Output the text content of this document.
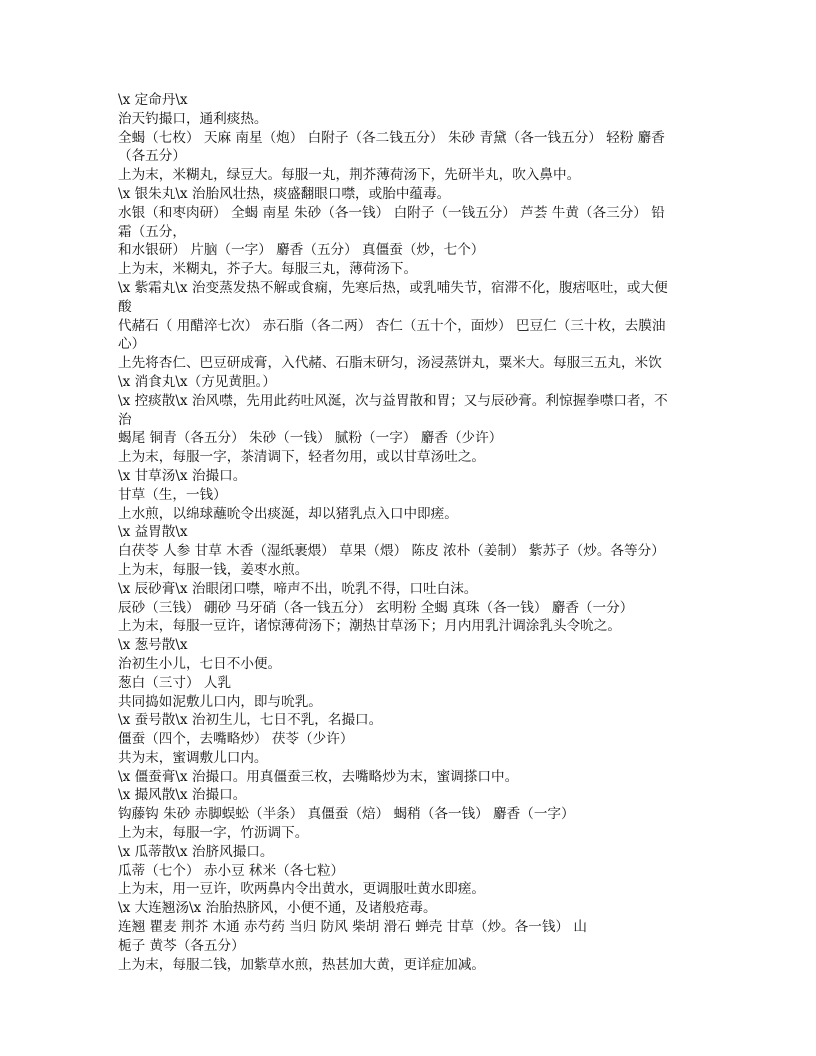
\x 定命丹\x
治天钓撮口，通利痰热。
全蝎（七枚） 天麻 南星（炮） 白附子（各二钱五分） 朱砂 青黛（各一钱五分） 轻粉 麝香
（各五分）
上为末，米糊丸，绿豆大。每服一丸，荆芥薄荷汤下，先研半丸，吹入鼻中。
\x 银朱丸\x 治胎风壮热，痰盛翻眼口噤，或胎中蕴毒。
水银（和枣肉研） 全蝎 南星 朱砂（各一钱） 白附子（一钱五分） 芦荟 牛黄（各三分） 铅
霜（五分，
和水银研） 片脑（一字） 麝香（五分） 真僵蚕（炒，七个）
上为末，米糊丸，芥子大。每服三丸，薄荷汤下。
\x 紫霜丸\x 治变蒸发热不解或食痫，先寒后热，或乳哺失节，宿滞不化，腹痞呕吐，或大便
酸
代赭石（ 用醋淬七次） 赤石脂（各二两） 杏仁（五十个，面炒） 巴豆仁（三十枚，去膜油
心）
上先将杏仁、巴豆研成膏，入代赭、石脂末研匀，汤浸蒸饼丸，粟米大。每服三五丸，米饮
\x 消食丸\x（方见黄胆。）
\x 控痰散\x 治风噤，先用此药吐风涎，次与益胃散和胃；又与辰砂膏。利惊握拳噤口者，不
治
蝎尾 铜青（各五分） 朱砂（一钱） 腻粉（一字） 麝香（少许）
上为末，每服一字，茶清调下，轻者勿用，或以甘草汤吐之。
\x 甘草汤\x 治撮口。
甘草（生，一钱）
上水煎，以绵球蘸吮令出痰涎，却以猪乳点入口中即瘥。
\x 益胃散\x
白茯苓 人参 甘草 木香（湿纸裹煨） 草果（煨） 陈皮 浓朴（姜制） 紫苏子（炒。各等分）
上为末，每服一钱，姜枣水煎。
\x 辰砂膏\x 治眼闭口噤，啼声不出，吮乳不得，口吐白沫。
辰砂（三钱） 硼砂 马牙硝（各一钱五分） 玄明粉 全蝎 真珠（各一钱） 麝香（一分）
上为末，每服一豆许，诸惊薄荷汤下；潮热甘草汤下；月内用乳汁调涂乳头令吮之。
\x 葱号散\x
治初生小儿，七日不小便。
葱白（三寸） 人乳
共同捣如泥敷儿口内，即与吮乳。
\x 蚕号散\x 治初生儿，七日不乳，名撮口。
僵蚕（四个，去嘴略炒） 茯苓（少许）
共为末，蜜调敷儿口内。
\x 僵蚕膏\x 治撮口。用真僵蚕三枚，去嘴略炒为末，蜜调搽口中。
\x 撮风散\x 治撮口。
钩藤钩 朱砂 赤脚蜈蚣（半条） 真僵蚕（焙） 蝎稍（各一钱） 麝香（一字）
上为末，每服一字，竹沥调下。
\x 瓜蒂散\x 治脐风撮口。
瓜蒂（七个） 赤小豆 秫米（各七粒）
上为末，用一豆许，吹两鼻内令出黄水，更调服吐黄水即瘥。
\x 大连翘汤\x 治胎热脐风，小便不通，及诸般疮毒。
连翘 瞿麦 荆芥 木通 赤芍药 当归 防风 柴胡 滑石 蝉壳 甘草（炒。各一钱） 山
栀子 黄芩（各五分）
上为末，每服二钱，加紫草水煎，热甚加大黄，更详症加减。
